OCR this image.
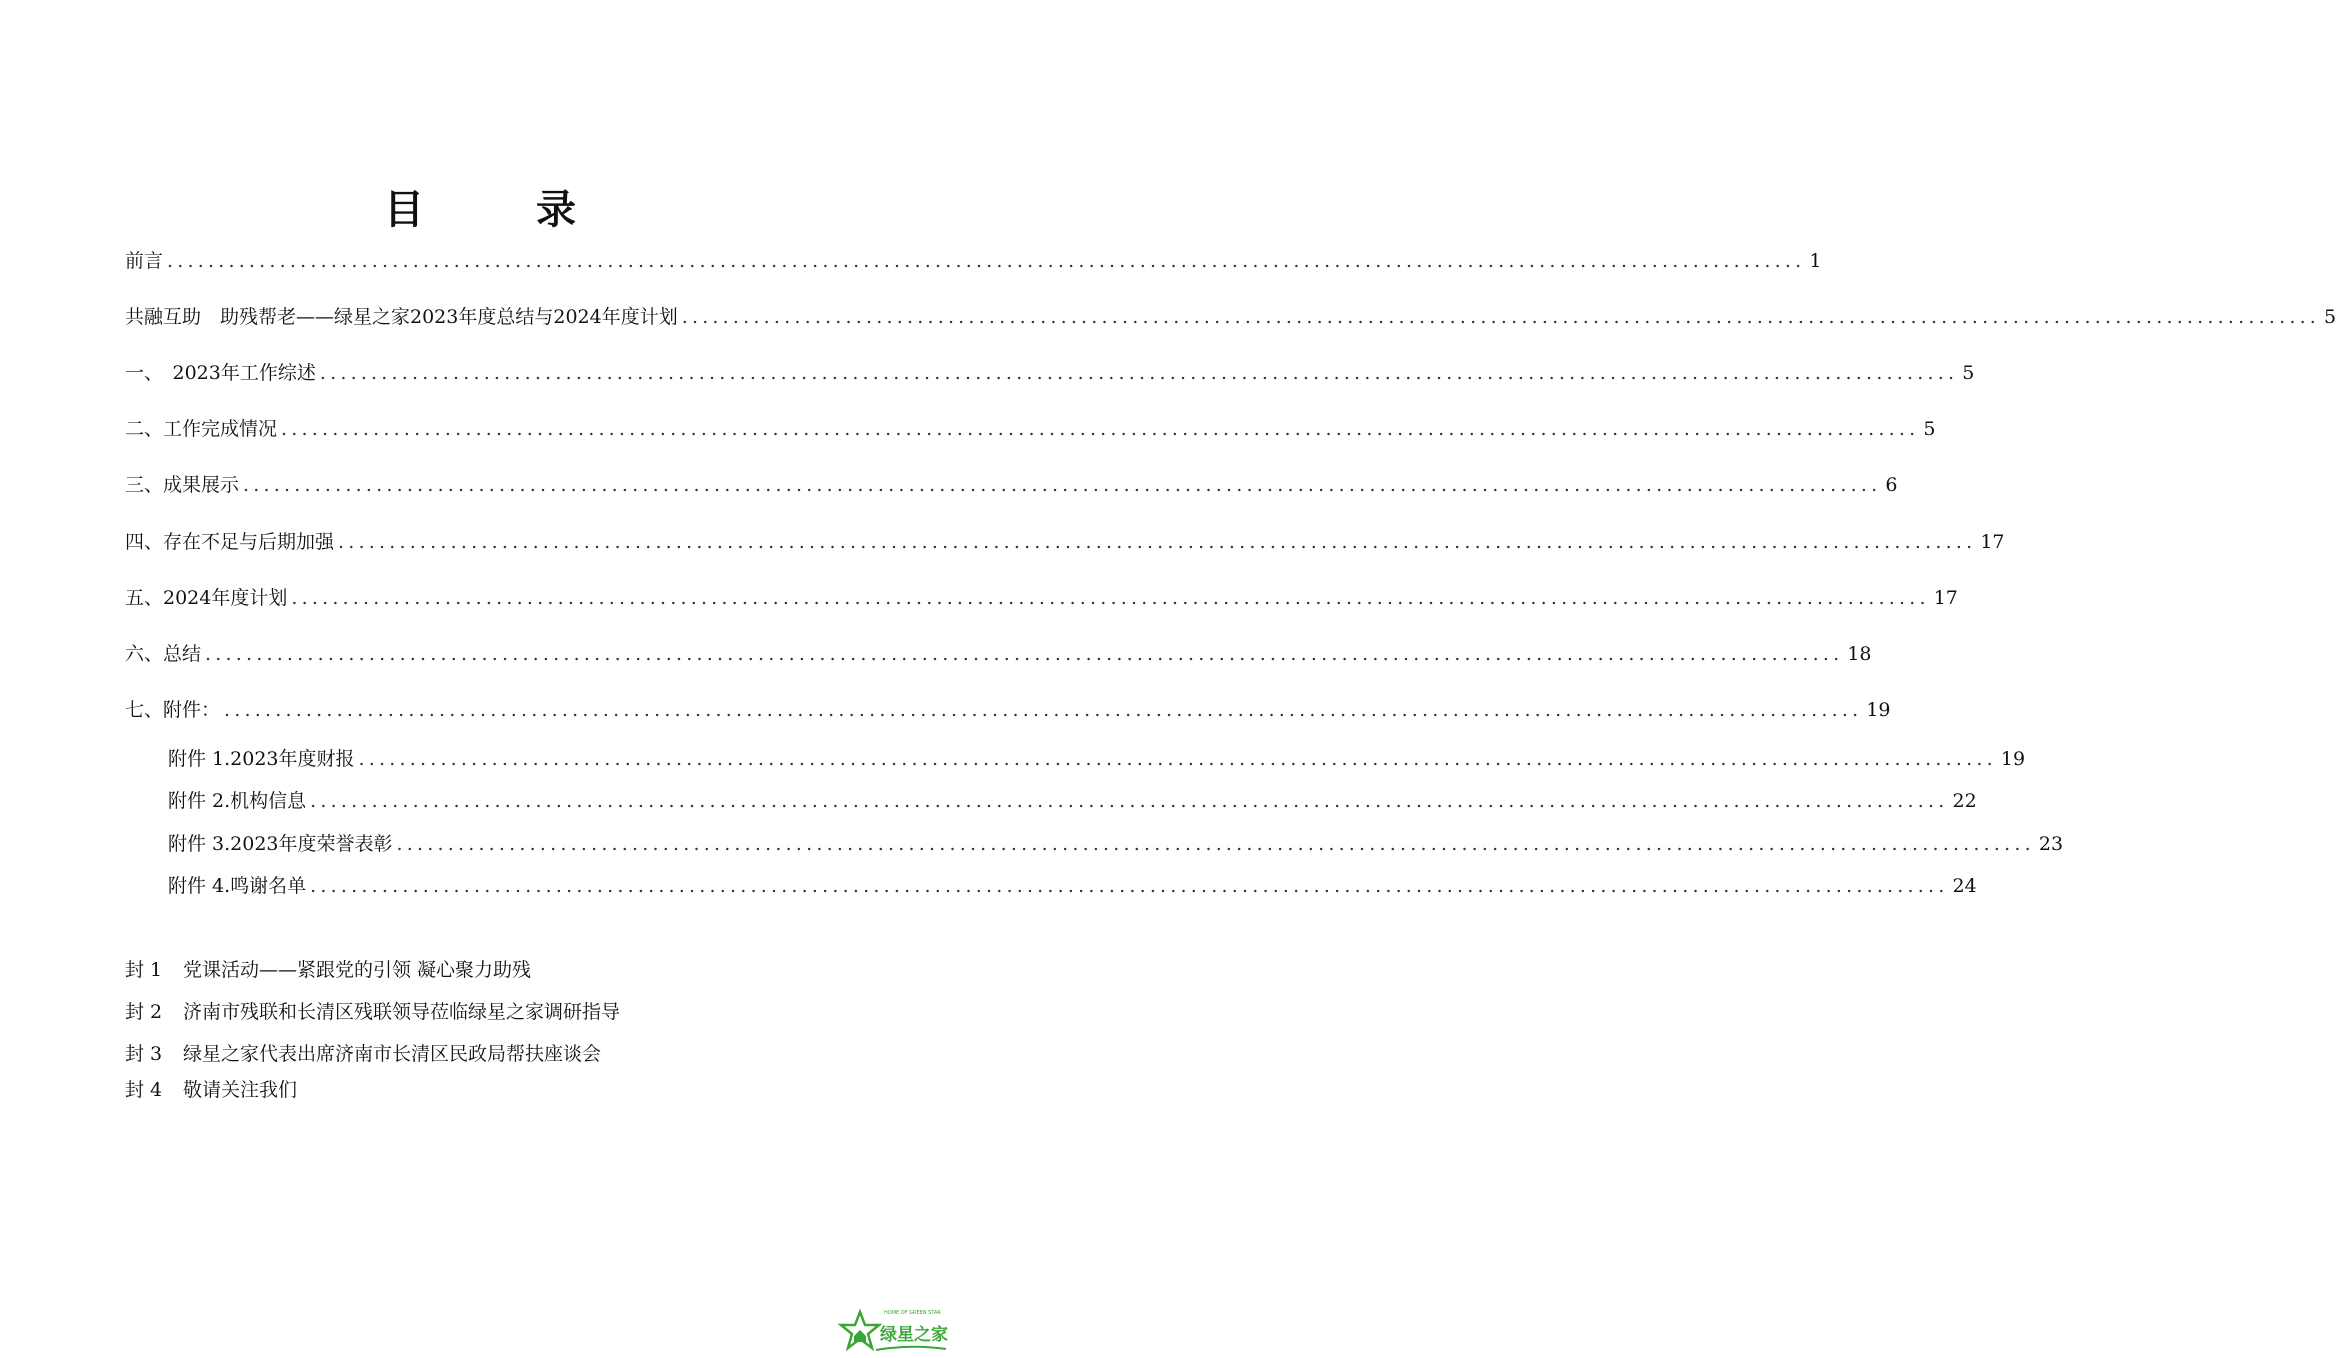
目　录
前言 ................................................................................................................................................................ 1
共融互助　助残帮老——绿星之家2023年度总结与2024年度计划 ................................................................................................................................................................ 5
一、　2023年工作综述 ................................................................................................................................................................ 5
二、工作完成情况 ................................................................................................................................................................ 5
三、成果展示 ................................................................................................................................................................ 6
四、存在不足与后期加强 ................................................................................................................................................................ 17
五、2024年度计划 ................................................................................................................................................................ 17
六、总结 ................................................................................................................................................................ 18
七、附件： ................................................................................................................................................................ 19
附件 1.2023年度财报 ................................................................................................................................................................ 19
附件 2.机构信息 ................................................................................................................................................................ 22
附件 3.2023年度荣誉表彰 ................................................................................................................................................................ 23
附件 4.鸣谢名单 ................................................................................................................................................................ 24
封 1 党课活动——紧跟党的引领 凝心聚力助残
封 2 济南市残联和长清区残联领导莅临绿星之家调研指导
封 3 绿星之家代表出席济南市长清区民政局帮扶座谈会
封 4 敬请关注我们
HOME OF GREEN STAR
绿星之家
